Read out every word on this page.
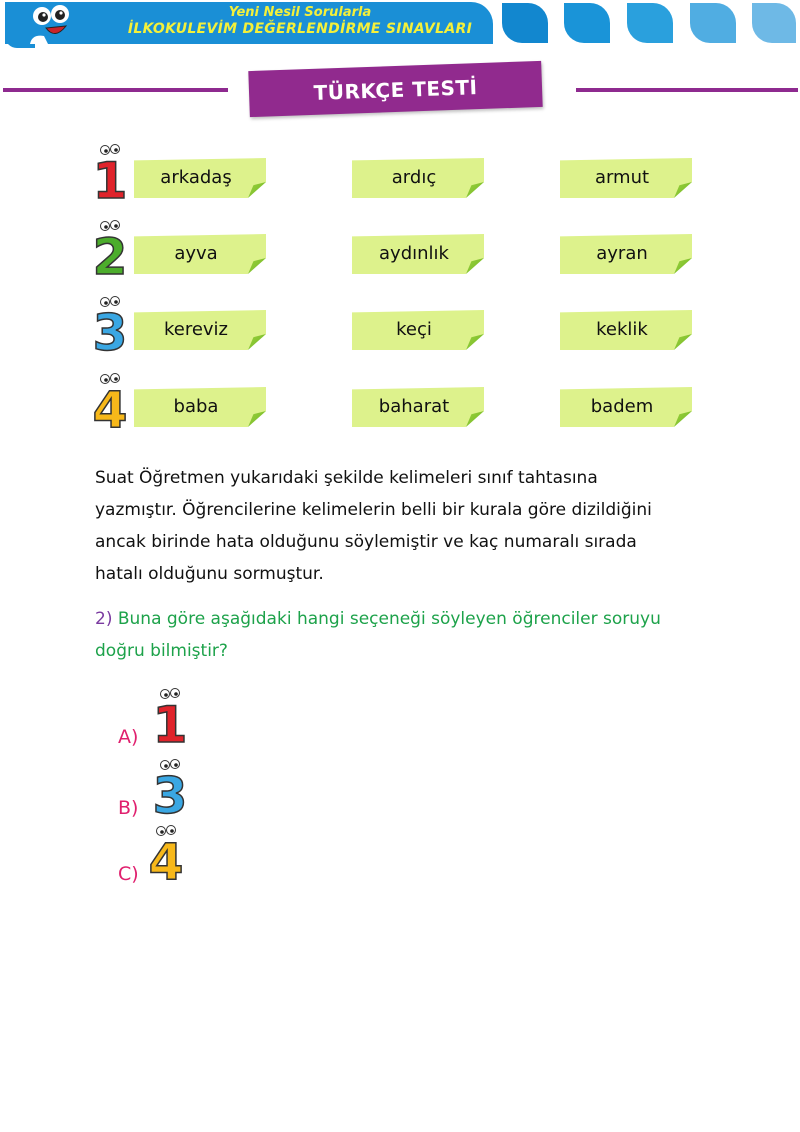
Yeni Nesil Sorularla
İLKOKULEVİM DEĞERLENDİRME SINAVLARI
TÜRKÇE TESTİ
1	arkadaş	ardıç	armut
2	ayva	aydınlık	ayran
3	kereviz	keçi	keklik
4	baba	baharat	badem
Suat Öğretmen yukarıdaki şekilde kelimeleri sınıf tahtasına
yazmıştır. Öğrencilerine kelimelerin belli bir kurala göre dizildiğini
ancak birinde hata olduğunu söylemiştir ve kaç numaralı sırada
hatalı olduğunu sormuştur.
2) Buna göre aşağıdaki hangi seçeneği söyleyen öğrenciler soruyu
doğru bilmiştir?
A) 1
B) 3
C) 4
